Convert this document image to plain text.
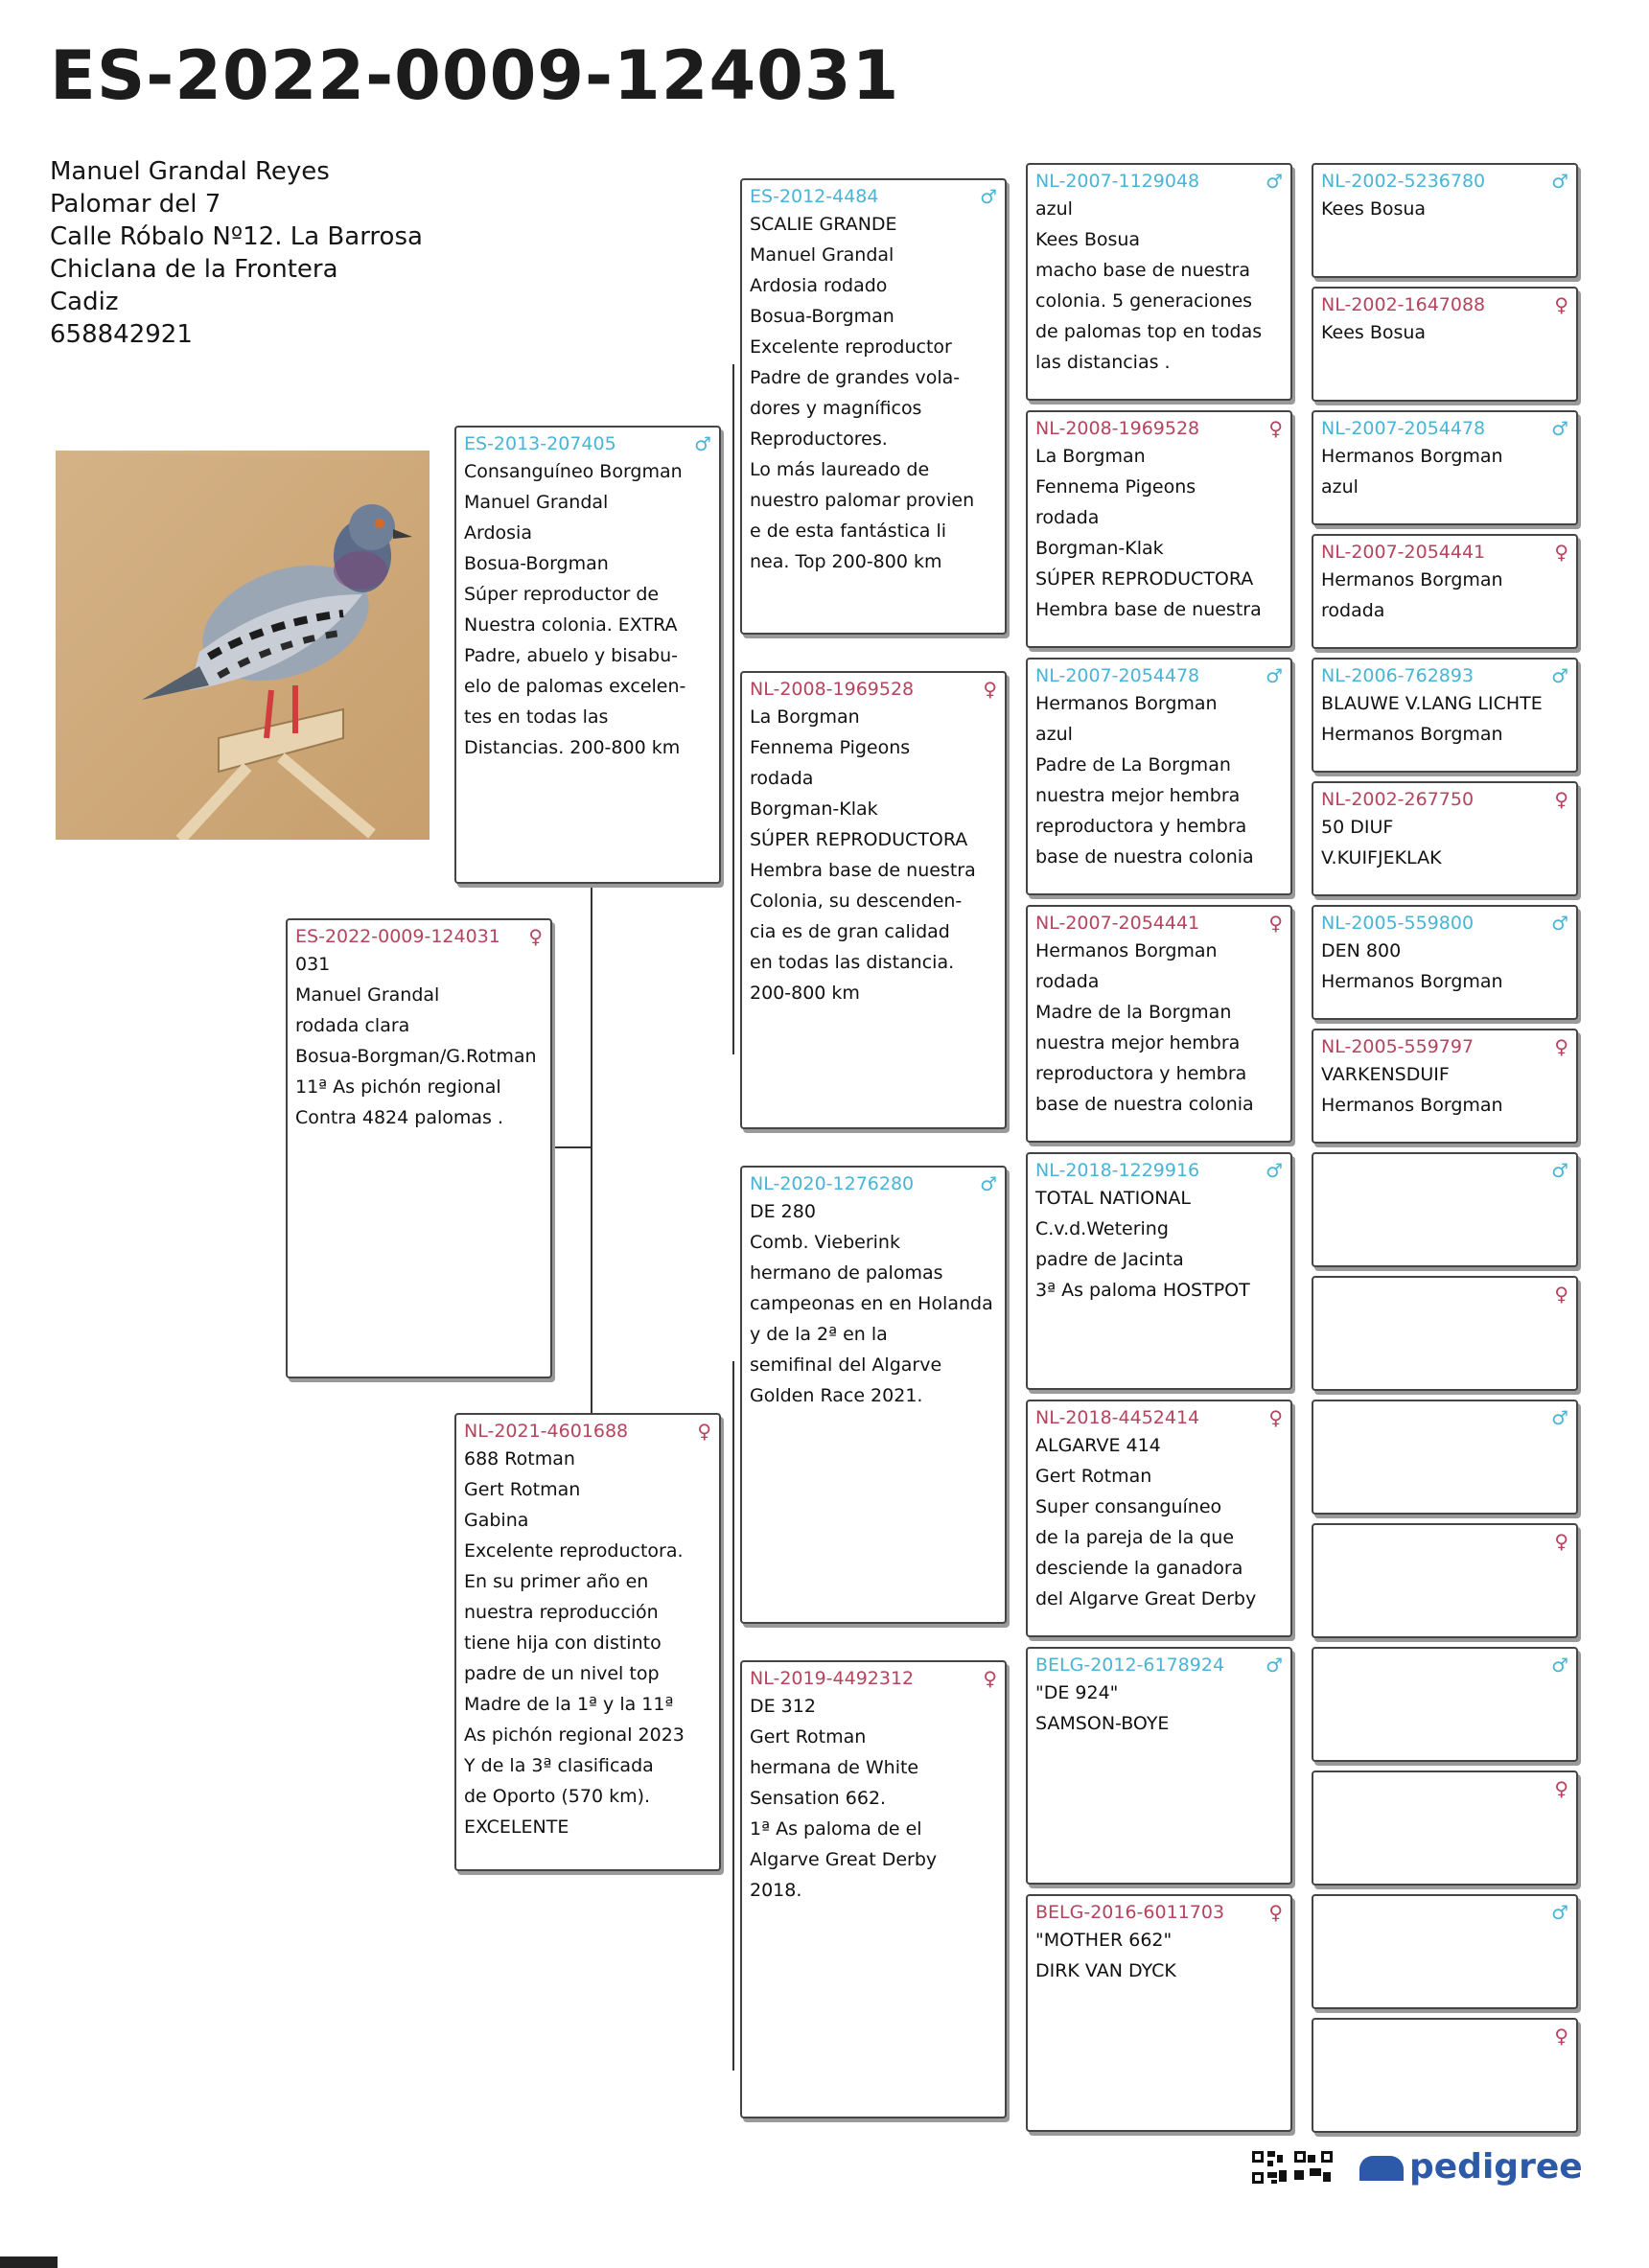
ES-2022-0009-124031
Manuel Grandal Reyes
Palomar del 7
Calle Róbalo Nº12. La Barrosa
Chiclana de la Frontera
Cadiz
658842921
ES-2022-0009-124031 ♀
031
Manuel Grandal
rodada clara
Bosua-Borgman/G.Rotman
11ª As pichón regional
Contra 4824 palomas .
ES-2013-207405	♂
Consanguíneo Borgman
Manuel Grandal
Ardosia
Bosua-Borgman
Súper reproductor de
Nuestra colonia. EXTRA
Padre, abuelo y bisabu-
elo de palomas excelen-
tes en todas las
Distancias. 200-800 km
NL-2021-4601688	♀
688 Rotman
Gert Rotman
Gabina
Excelente reproductora.
En su primer año en
nuestra reproducción
tiene hija con distinto
padre de un nivel top
Madre de la 1ª y la 11ª
As pichón regional 2023
Y de la 3ª clasificada
de Oporto (570 km).
EXCELENTE
ES-2012-4484	♂
SCALIE GRANDE
Manuel Grandal
Ardosia rodado
Bosua-Borgman
Excelente reproductor
Padre de grandes vola-
dores y magníficos
Reproductores.
Lo más laureado de
nuestro palomar provien
e de esta fantástica li
nea. Top 200-800 km
NL-2008-1969528	♀
La Borgman
Fennema Pigeons
rodada
Borgman-Klak
SÚPER REPRODUCTORA
Hembra base de nuestra
Colonia, su descenden-
cia es de gran calidad
en todas las distancia.
200-800 km
NL-2020-1276280	♂
DE 280
Comb. Vieberink
hermano de palomas
campeonas en en Holanda
y de la 2ª en la
semifinal del Algarve
Golden Race 2021.
NL-2019-4492312	♀
DE 312
Gert Rotman
hermana de White
Sensation 662.
1ª As paloma de el
Algarve Great Derby
2018.
NL-2007-1129048	♂
azul
Kees Bosua
macho base de nuestra
colonia. 5 generaciones
de palomas top en todas
las distancias .
NL-2008-1969528	♀
La Borgman
Fennema Pigeons
rodada
Borgman-Klak
SÚPER REPRODUCTORA
Hembra base de nuestra
NL-2007-2054478	♂
Hermanos Borgman
azul
Padre de La Borgman
nuestra mejor hembra
reproductora y hembra
base de nuestra colonia
NL-2007-2054441	♀
Hermanos Borgman
rodada
Madre de la Borgman
nuestra mejor hembra
reproductora y hembra
base de nuestra colonia
NL-2018-1229916	♂
TOTAL NATIONAL
C.v.d.Wetering
padre de Jacinta
3ª As paloma HOSTPOT
NL-2018-4452414	♀
ALGARVE 414
Gert Rotman
Super consanguíneo
de la pareja de la que
desciende la ganadora
del Algarve Great Derby
BELG-2012-6178924 ♂
"DE 924"
SAMSON-BOYE
BELG-2016-6011703 ♀
"MOTHER 662"
DIRK VAN DYCK
NL-2002-5236780	♂
Kees Bosua
NL-2002-1647088	♀
Kees Bosua
NL-2007-2054478	♂
Hermanos Borgman
azul
NL-2007-2054441	♀
Hermanos Borgman
rodada
NL-2006-762893	♂
BLAUWE V.LANG LICHTE
Hermanos Borgman
NL-2002-267750	♀
50 DIUF
V.KUIFJEKLAK
NL-2005-559800	♂
DEN 800
Hermanos Borgman
NL-2005-559797	♀
VARKENSDUIF
Hermanos Borgman
♂
♀
♂
♀
♂
♀
♂
♀
pedigree
